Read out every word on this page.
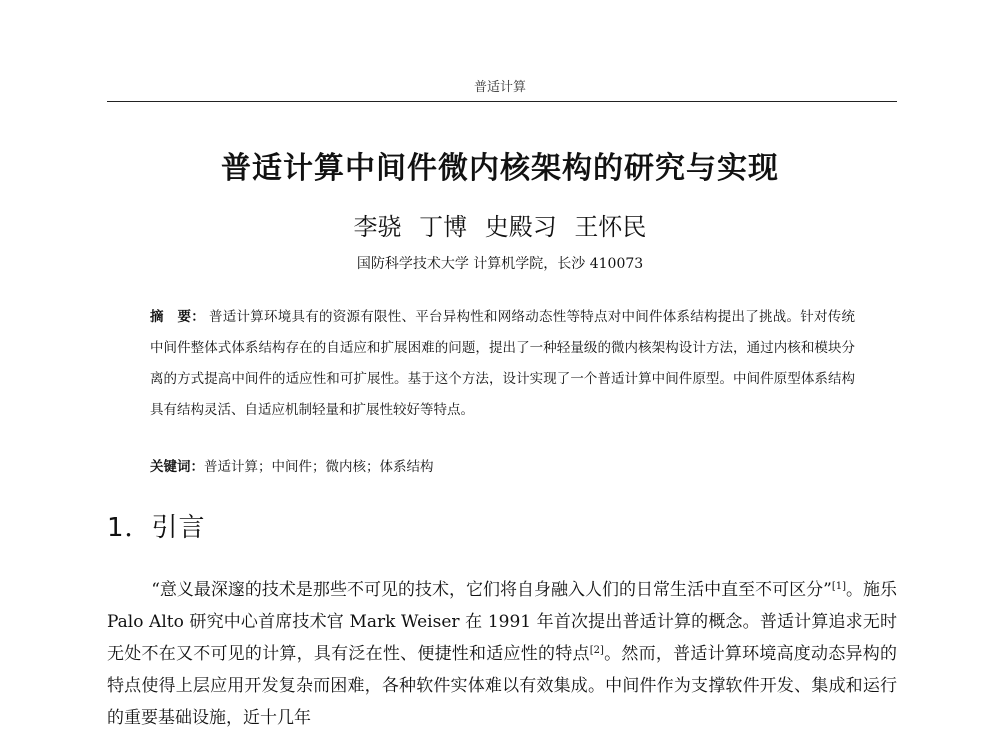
普适计算
普适计算中间件微内核架构的研究与实现
李骁 丁博 史殿习 王怀民
国防科学技术大学 计算机学院，长沙 410073
摘　要： 普适计算环境具有的资源有限性、平台异构性和网络动态性等特点对中间件体系结构提出了挑战。针对传统中间件整体式体系结构存在的自适应和扩展困难的问题，提出了一种轻量级的微内核架构设计方法，通过内核和模块分离的方式提高中间件的适应性和可扩展性。基于这个方法，设计实现了一个普适计算中间件原型。中间件原型体系结构具有结构灵活、自适应机制轻量和扩展性较好等特点。
关键词：普适计算；中间件；微内核；体系结构
1．引言
“意义最深邃的技术是那些不可见的技术，它们将自身融入人们的日常生活中直至不可区分”[1]。施乐 Palo Alto 研究中心首席技术官 Mark Weiser 在 1991 年首次提出普适计算的概念。普适计算追求无时无处不在又不可见的计算，具有泛在性、便捷性和适应性的特点[2]。然而，普适计算环境高度动态异构的特点使得上层应用开发复杂而困难，各种软件实体难以有效集成。中间件作为支撑软件开发、集成和运行的重要基础设施，近十几年
